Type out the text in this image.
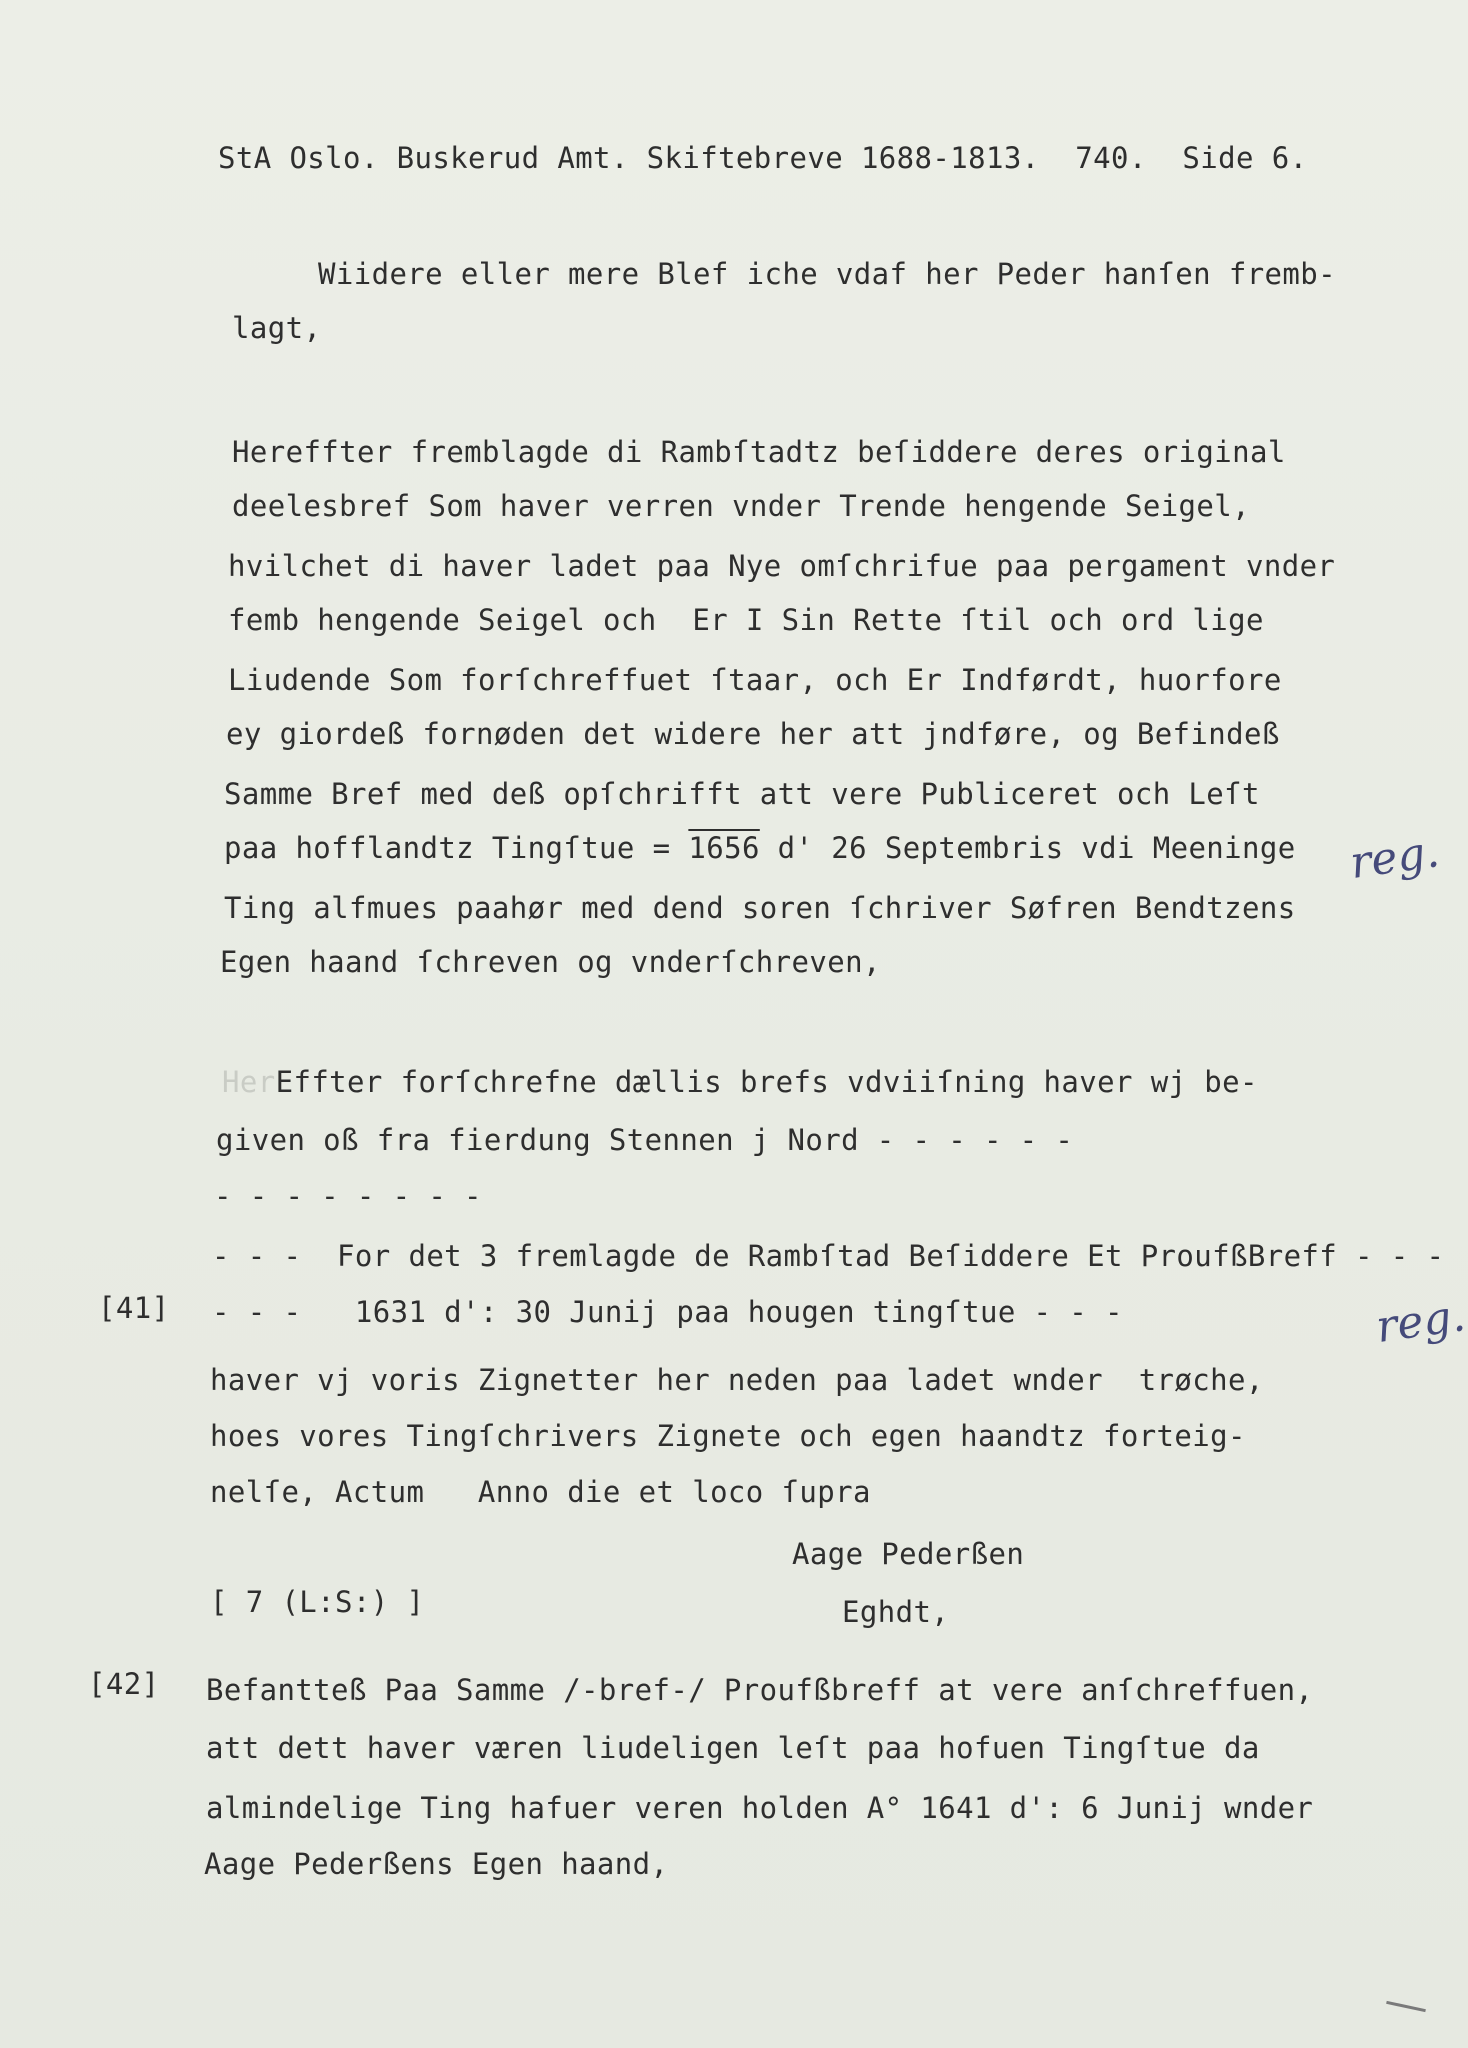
StA Oslo. Buskerud Amt. Skiftebreve 1688-1813.  740.  Side 6.
Wiidere eller mere Blef iche vdaf her Peder hanſen fremb-
lagt,
Hereffter fremblagde di Rambſtadtz beſiddere deres original
deelesbref Som haver verren vnder Trende hengende Seigel,
hvilchet di haver ladet paa Nye omſchrifue paa pergament vnder
femb hengende Seigel och  Er I Sin Rette ſtil och ord lige
Liudende Som forſchreffuet ſtaar, och Er Indførdt, huorfore
ey giordeß fornøden det widere her att jndføre, og Befindeß
Samme Bref med deß opſchrifft att vere Publiceret och Leſt
paa hofflandtz Tingſtue = 1656 d' 26 Septembris vdi Meeninge
Ting alfmues paahør med dend soren ſchriver Søfren Bendtzens
Egen haand ſchreven og vnderſchreven,
HerEffter forſchrefne dællis brefs vdviiſning haver wj be-
given oß fra fierdung Stennen j Nord - - - - - -
- - - - - - - -
- - -  For det 3 fremlagde de Rambſtad Beſiddere Et ProufßBreff - - -
- - -   1631 d': 30 Junij paa hougen tingſtue - - -
haver vj voris Zignetter her neden paa ladet wnder  trøche,
hoes vores Tingſchrivers Zignete och egen haandtz forteig-
nelſe, Actum   Anno die et loco ſupra
Aage Pederßen
[ 7 (L:S:) ]	Eghdt,
Befantteß Paa Samme /-bref-/ Proufßbreff at vere anſchreffuen,
att dett haver væren liudeligen leſt paa hofuen Tingſtue da
almindelige Ting hafuer veren holden A° 1641 d': 6 Junij wnder
Aage Pederßens Egen haand,
[41]
[42]
reg.
reg.
